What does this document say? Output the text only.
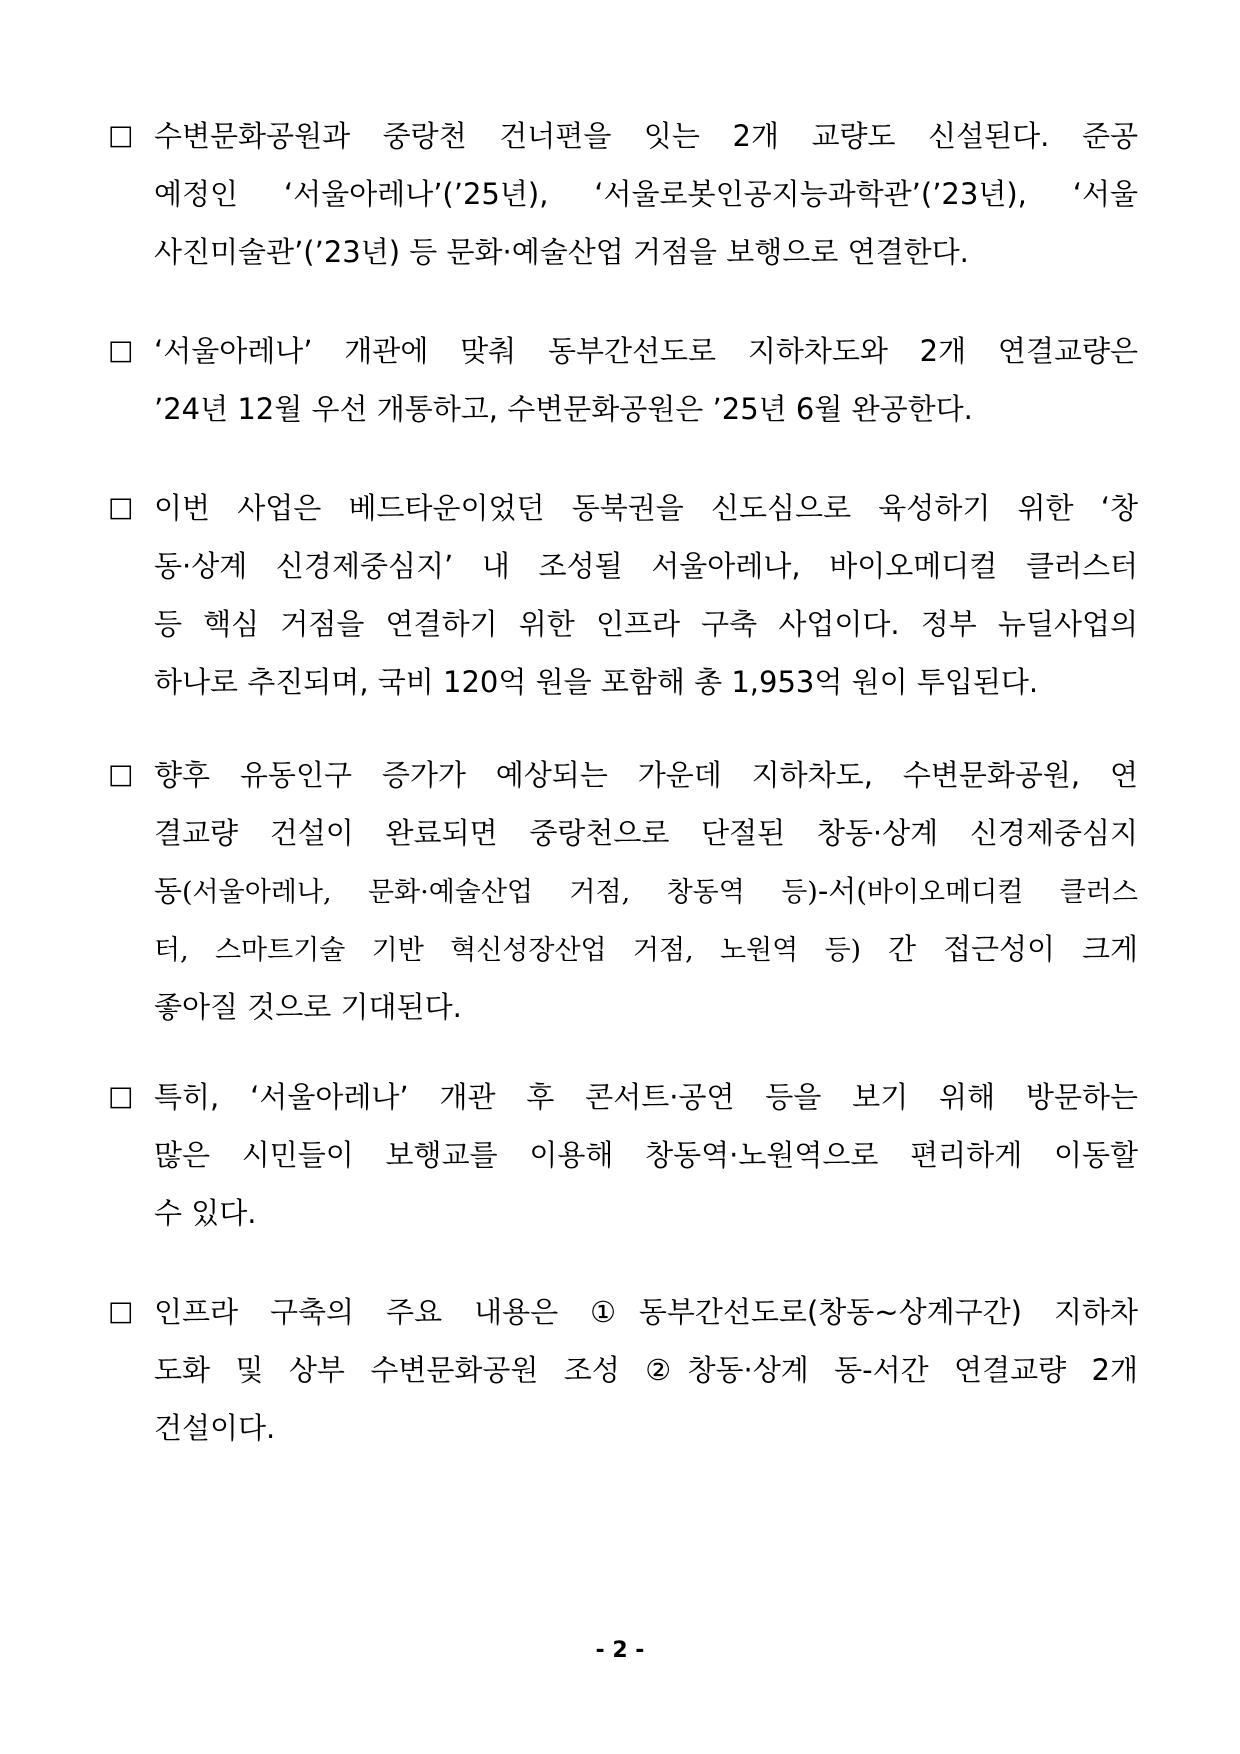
□ 수변문화공원과 중랑천 건너편을 잇는 2개 교량도 신설된다. 준공
예정인 ‘서울아레나’(’25년), ‘서울로봇인공지능과학관’(’23년), ‘서울
사진미술관’(’23년) 등 문화·예술산업 거점을 보행으로 연결한다.
□ ‘서울아레나’ 개관에 맞춰 동부간선도로 지하차도와 2개 연결교량은
’24년 12월 우선 개통하고, 수변문화공원은 ’25년 6월 완공한다.
□ 이번 사업은 베드타운이었던 동북권을 신도심으로 육성하기 위한 ‘창
동·상계 신경제중심지’ 내 조성될 서울아레나, 바이오메디컬 클러스터
등 핵심 거점을 연결하기 위한 인프라 구축 사업이다. 정부 뉴딜사업의
하나로 추진되며, 국비 120억 원을 포함해 총 1,953억 원이 투입된다.
□ 향후 유동인구 증가가 예상되는 가운데 지하차도, 수변문화공원, 연
결교량 건설이 완료되면 중랑천으로 단절된 창동·상계 신경제중심지
동(서울아레나, 문화·예술산업 거점, 창동역 등)-서(바이오메디컬 클러스
터, 스마트기술 기반 혁신성장산업 거점, 노원역 등) 간 접근성이 크게
좋아질 것으로 기대된다.
□ 특히, ‘서울아레나’ 개관 후 콘서트·공연 등을 보기 위해 방문하는
많은 시민들이 보행교를 이용해 창동역·노원역으로 편리하게 이동할
수 있다.
□ 인프라 구축의 주요 내용은 ①동부간선도로(창동~상계구간) 지하차
도화 및 상부 수변문화공원 조성 ②창동·상계 동-서간 연결교량 2개
건설이다.
- 2 -
